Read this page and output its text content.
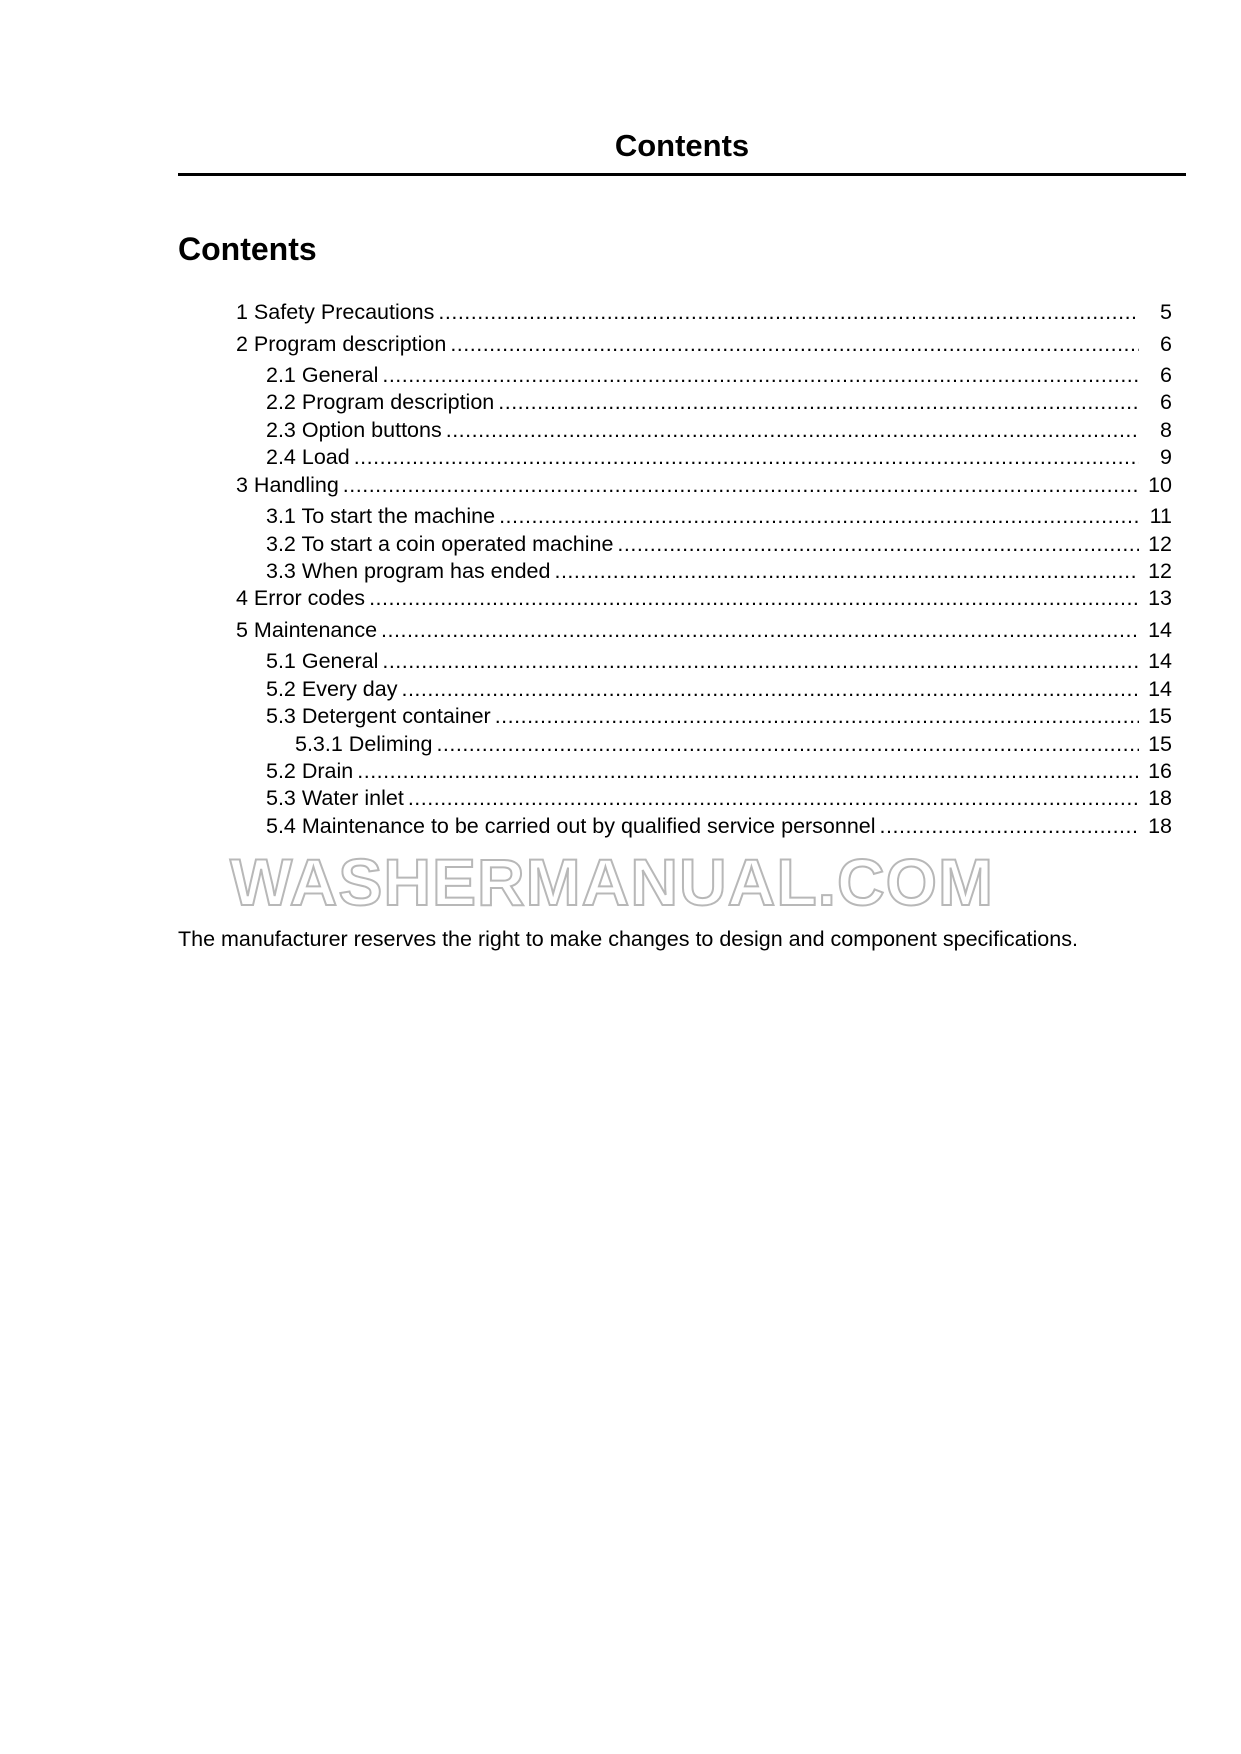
Contents
Contents
1 Safety Precautions .....	5
2 Program description .....	6
2.1 General .....	6
2.2 Program description .....	6
2.3 Option buttons .....	8
2.4 Load .....	9
3 Handling .....	10
3.1 To start the machine .....	11
3.2 To start a coin operated machine .....	12
3.3 When program has ended .....	12
4 Error codes .....	13
5 Maintenance .....	14
5.1 General .....	14
5.2 Every day .....	14
5.3 Detergent container .....	15
5.3.1 Deliming .....	15
5.2 Drain .....	16
5.3 Water inlet .....	18
5.4 Maintenance to be carried out by qualified service personnel .....	18
WASHERMANUAL.COM
The manufacturer reserves the right to make changes to design and component specifications.
